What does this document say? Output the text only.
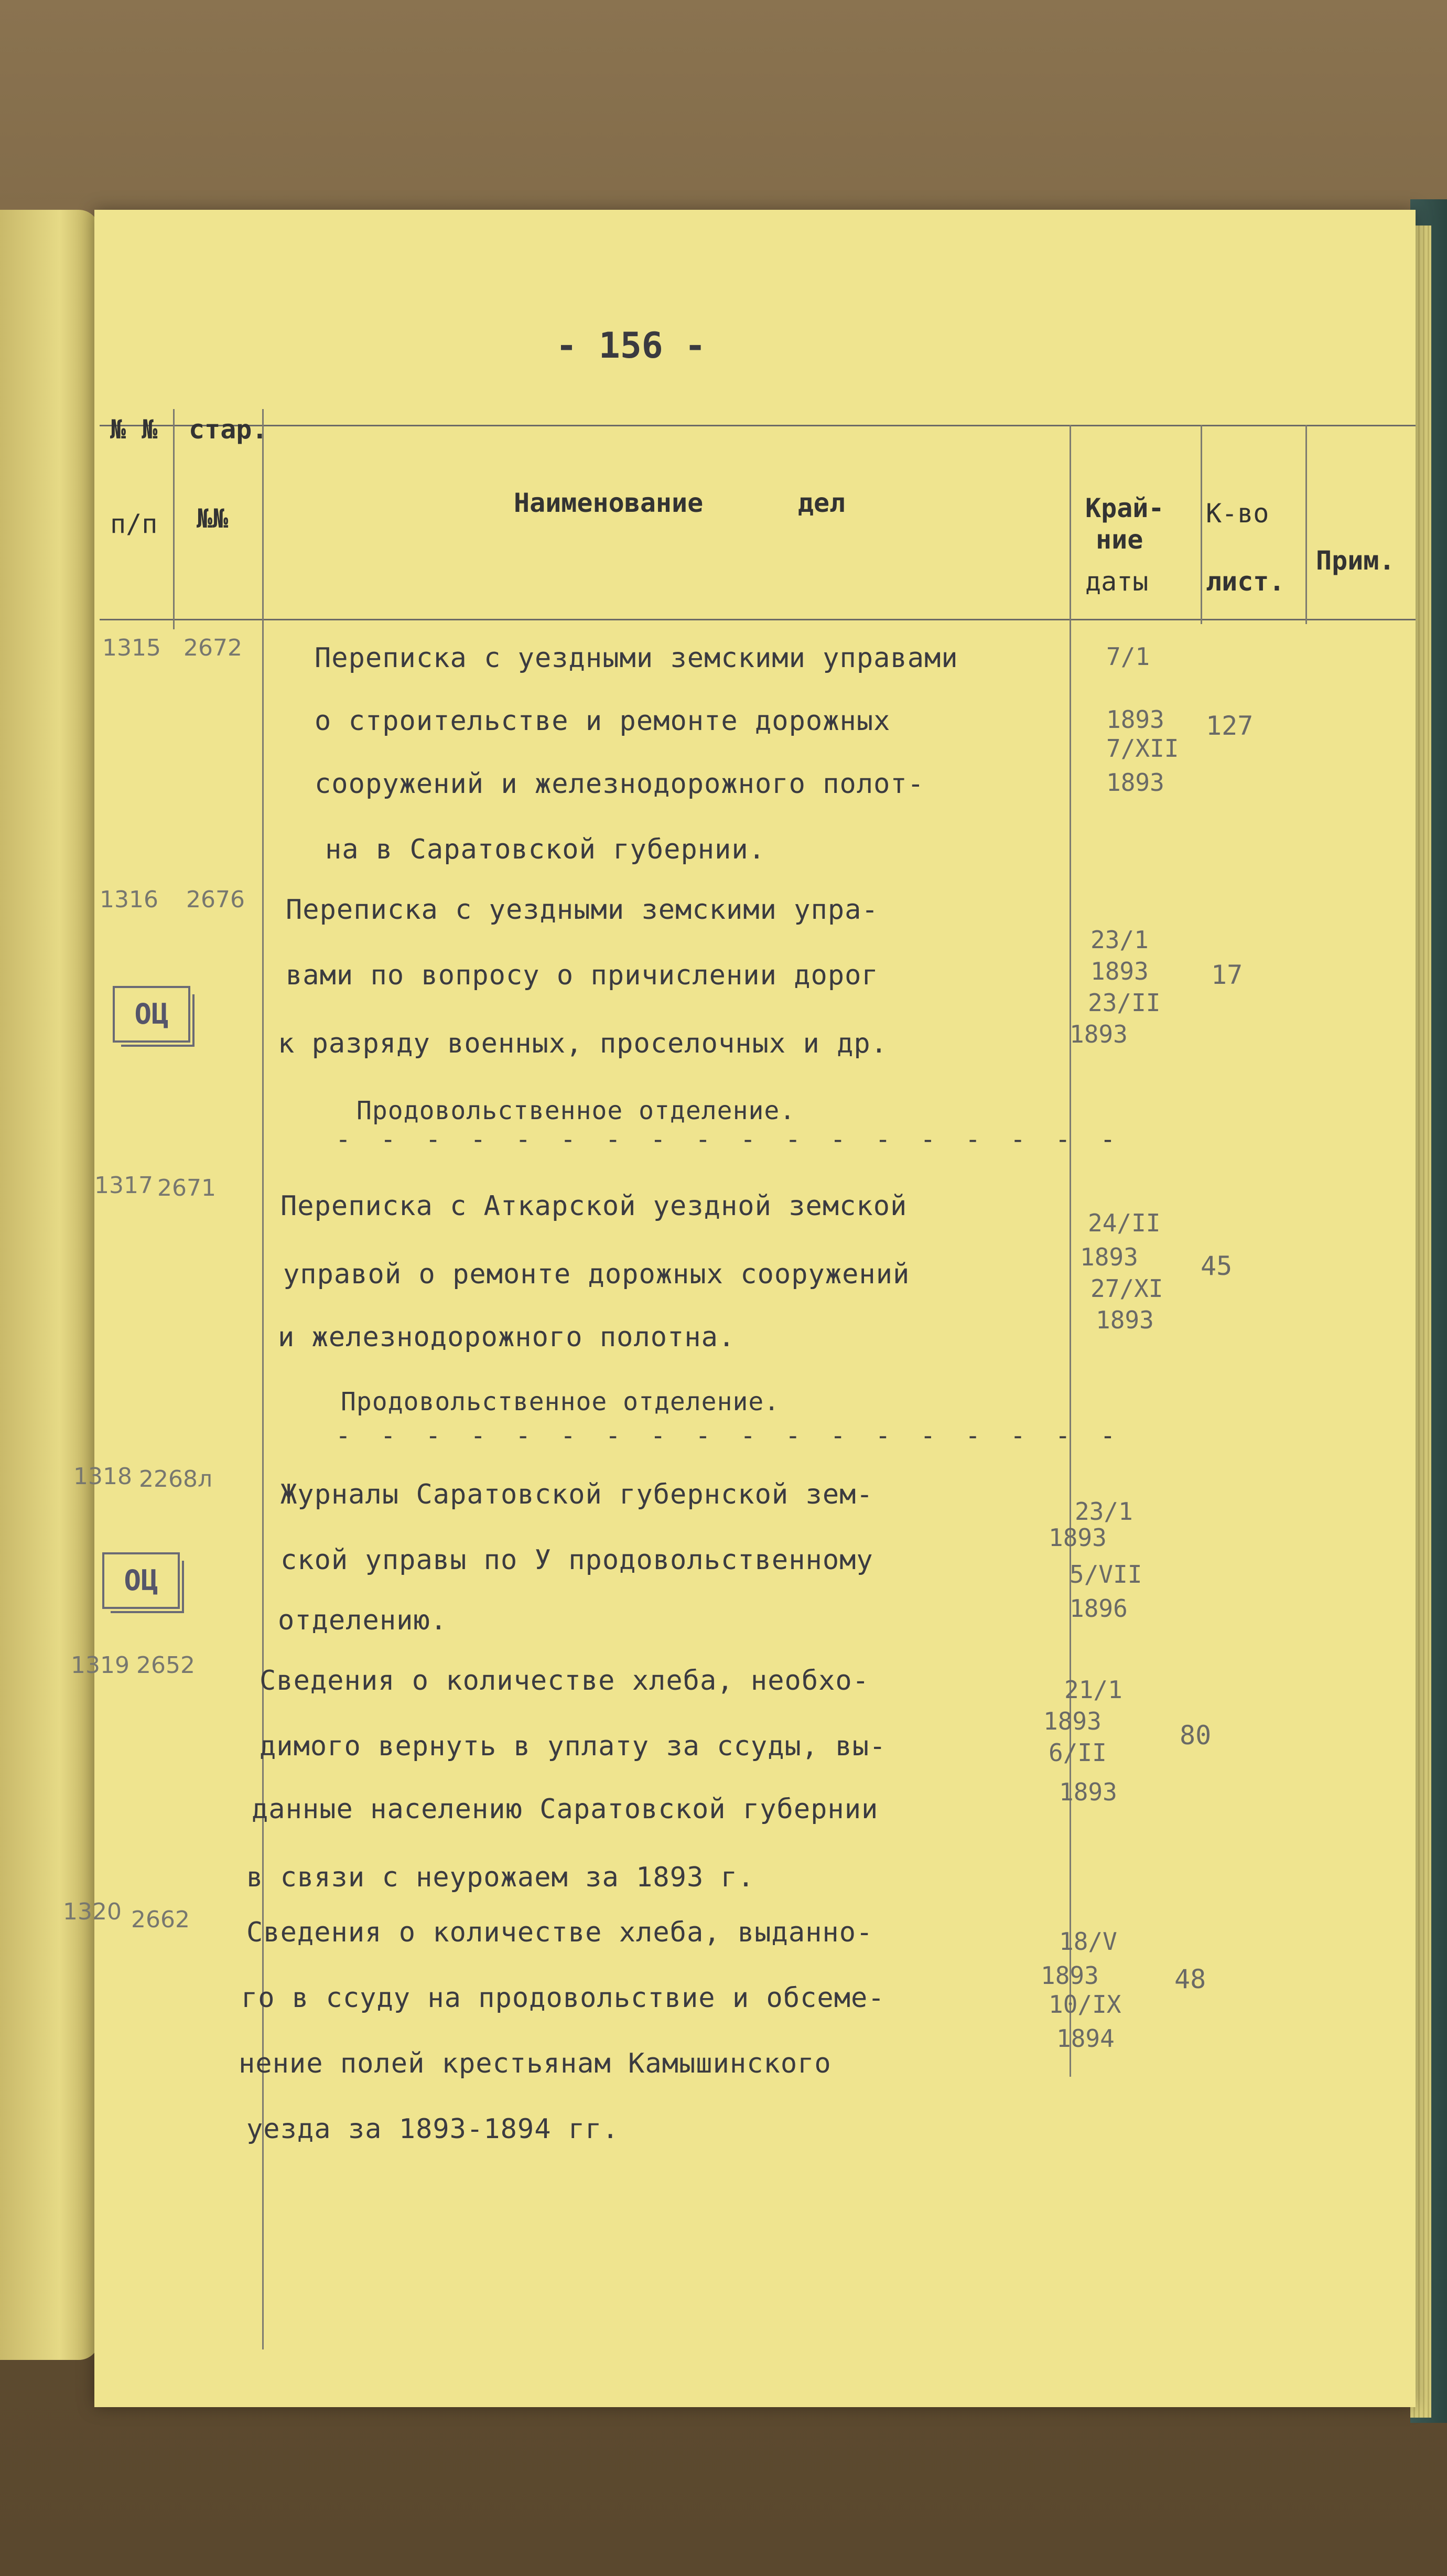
- 156 -
№ №
п/п
стар.
№№
Наименование      дел	Край-
ние
даты
К-во
лист.
Прим.
1315 2672	Переписка с уездными земскими управами
о строительстве и ремонте дорожных
сооружений и железнодорожного полот-
на в Саратовской губернии.
7/1
1893
7/XII
1893
127
1316 2676 Переписка с уездными земскими упра-
вами по вопросу о причислении дорог
к разряду военных, проселочных и др.
ОЦ
23/1
1893
23/II
1893
17
Продовольственное отделение.
- - - - - - - - - - - - - - - - - -
1317 2671
Переписка с Аткарской уездной земской
управой о ремонте дорожных сооружений
и железнодорожного полотна.
24/II
1893
27/XI
1893
45
Продовольственное отделение.
- - - - - - - - - - - - - - - - - -
1318 2268л Журналы Саратовской губернской зем-
ской управы по У продовольственному
отделению.
ОЦ
23/1
1893
5/VII
1896
1319 2652 Сведения о количестве хлеба, необхо-
димого вернуть в уплату за ссуды, вы-
данные населению Саратовской губернии
в связи с неурожаем за 1893 г.
21/1
1893
6/II
1893
80
1320 2662 Сведения о количестве хлеба, выданно-
го в ссуду на продовольствие и обсеме-
нение полей крестьянам Камышинского
уезда за 1893-1894 гг.
18/V
1893
10/IX
1894
48
